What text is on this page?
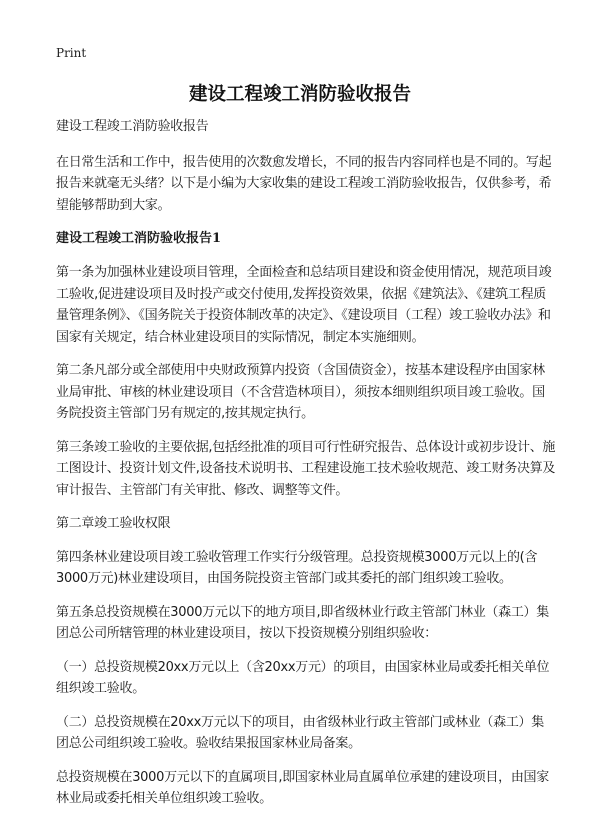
Print
建设工程竣工消防验收报告

建设工程竣工消防验收报告

在日常生活和工作中，报告使用的次数愈发增长，不同的报告内容同样也是不同的。写起报告来就毫无头绪？以下是小编为大家收集的建设工程竣工消防验收报告，仅供参考，希望能够帮助到大家。

建设工程竣工消防验收报告1

第一条为加强林业建设项目管理，全面检查和总结项目建设和资金使用情况，规范项目竣工验收,促进建设项目及时投产或交付使用,发挥投资效果，依据《建筑法》、《建筑工程质量管理条例》、《国务院关于投资体制改革的决定》、《建设项目（工程）竣工验收办法》和国家有关规定，结合林业建设项目的实际情况，制定本实施细则。

第二条凡部分或全部使用中央财政预算内投资（含国债资金），按基本建设程序由国家林业局审批、审核的林业建设项目（不含营造林项目），须按本细则组织项目竣工验收。国务院投资主管部门另有规定的,按其规定执行。

第三条竣工验收的主要依据,包括经批准的项目可行性研究报告、总体设计或初步设计、施工图设计、投资计划文件,设备技术说明书、工程建设施工技术验收规范、竣工财务决算及审计报告、主管部门有关审批、修改、调整等文件。

第二章竣工验收权限

第四条林业建设项目竣工验收管理工作实行分级管理。总投资规模3000万元以上的(含3000万元)林业建设项目，由国务院投资主管部门或其委托的部门组织竣工验收。

第五条总投资规模在3000万元以下的地方项目,即省级林业行政主管部门林业（森工）集团总公司所辖管理的林业建设项目，按以下投资规模分别组织验收：

（一）总投资规模20xx万元以上（含20xx万元）的项目，由国家林业局或委托相关单位组织竣工验收。

（二）总投资规模在20xx万元以下的项目，由省级林业行政主管部门或林业（森工）集团总公司组织竣工验收。验收结果报国家林业局备案。

总投资规模在3000万元以下的直属项目,即国家林业局直属单位承建的建设项目，由国家林业局或委托相关单位组织竣工验收。
